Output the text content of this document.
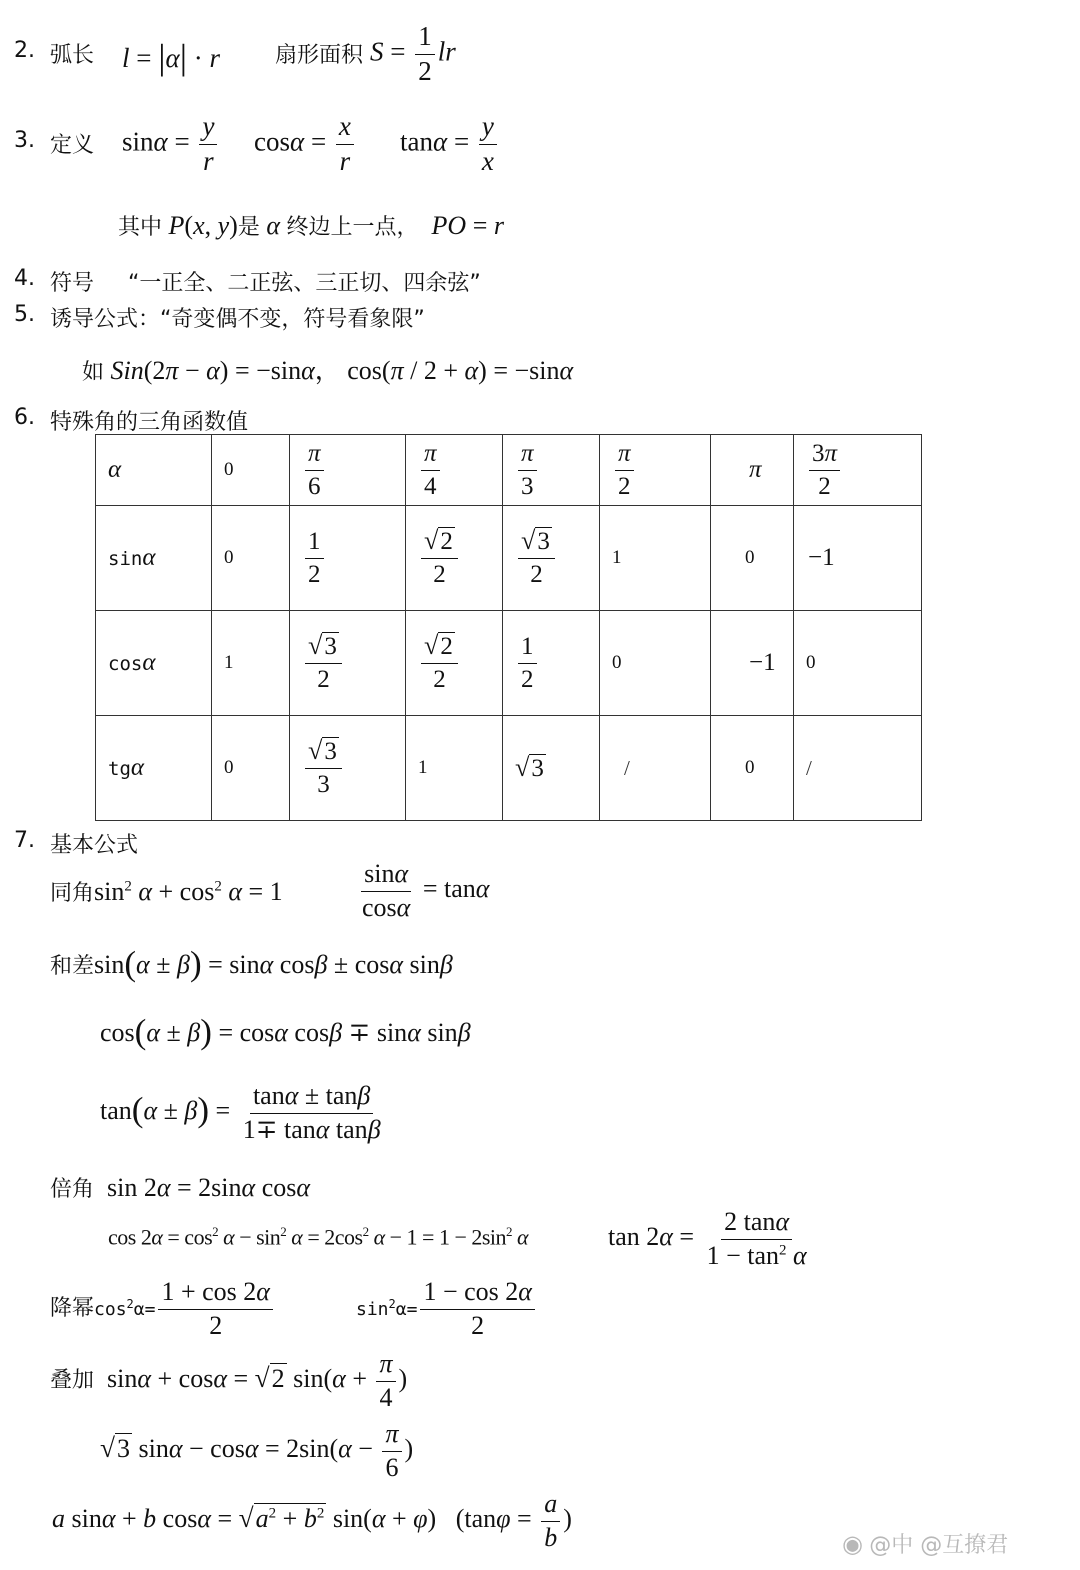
2. 弧长 l = |α| · r 扇形面积 $S = \frac{1}{2}$ lr
3. 定义 $\sin\alpha = \frac{y}{r}$ $\cos\alpha = \frac{x}{r}$ $\tan\alpha = \frac{y}{x}$
其中 P(x, y)是 α 终边上一点， PO = r
4. 符号 “一正全、二正弦、三正切、四余弦”
5. 诱导公式： “奇变偶不变，符号看象限”
如 Sin(2π − α) = −sinα， cos(π / 2 + α) = −sinα
6. 特殊角的三角函数值
α	0	$\frac{\pi}{6}$	$\frac{\pi}{4}$	$\frac{\pi}{3}$	$\frac{\pi}{2}$	π	$\frac{3\pi}{2}$

sinα	0	$\frac{1}{2}$	$\frac{√2}{2}$	$\frac{√3}{2}$	1	0	−1
cosα	1	$\frac{√3}{2}$	$\frac{√2}{2}$	$\frac{1}{2}$	0	−1	0
tgα	0	$\frac{√3}{3}$	1	√3	/	0	/
7. 基本公式
同角$\sin^2 \alpha + \cos^2 \alpha = 1$	$\frac{\sin\alpha}{\cos\alpha} = \tan\alpha$
和差sin(α ± β) = sinα cosβ ± cosα sinβ
cos(α ± β) = cosα cosβ ∓ sinα sinβ
$\tan(\alpha \pm \beta) = \frac{\tan\alpha \pm \tan\beta}{\text{1∓ tanα tanβ}}$
倍角  sin 2α = 2sinα cosα
$\cos 2\alpha = \cos^2 \alpha - \sin^2 \alpha = 2\cos^2$ $\alpha - 1 = 1 - 2\sin^2$ α	$\tan 2\alpha = \frac{2 \tan\alpha}{1 - \tan^2 \alpha}$
降幂$\cos^2\alpha= \frac{1 + \cos 2\alpha}{2}$	$\sin^2\alpha= \frac{1 - \cos 2\alpha}{2}$
叠加  sinα + cosα = √2 $\sin(\alpha + \frac{\pi}{4}$ )
√3 $\sin\alpha - \cos\alpha = 2\sin(\alpha - \frac{\pi}{6}$ )
a sinα + b $\cos\alpha = √a^2 + b^2$ sin(α + φ)   ($\tan\varphi = \frac{a}{b}$ )
◉ @中 @互撩君
